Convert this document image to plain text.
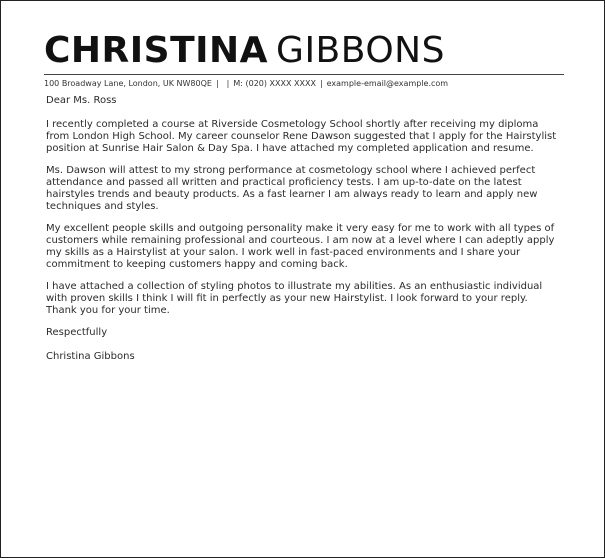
CHRISTINA GIBBONS
100 Broadway Lane, London, UK NW80QE | | M: (020) XXXX XXXX | example-email@example.com

Dear Ms. Ross

I recently completed a course at Riverside Cosmetology School shortly after receiving my diploma from London High School. My career counselor Rene Dawson suggested that I apply for the Hairstylist position at Sunrise Hair Salon & Day Spa. I have attached my completed application and resume.

Ms. Dawson will attest to my strong performance at cosmetology school where I achieved perfect attendance and passed all written and practical proficiency tests. I am up-to-date on the latest hairstyles trends and beauty products. As a fast learner I am always ready to learn and apply new techniques and styles.

My excellent people skills and outgoing personality make it very easy for me to work with all types of customers while remaining professional and courteous. I am now at a level where I can adeptly apply my skills as a Hairstylist at your salon. I work well in fast-paced environments and I share your commitment to keeping customers happy and coming back.

I have attached a collection of styling photos to illustrate my abilities. As an enthusiastic individual with proven skills I think I will fit in perfectly as your new Hairstylist. I look forward to your reply. Thank you for your time.

Respectfully

Christina Gibbons
